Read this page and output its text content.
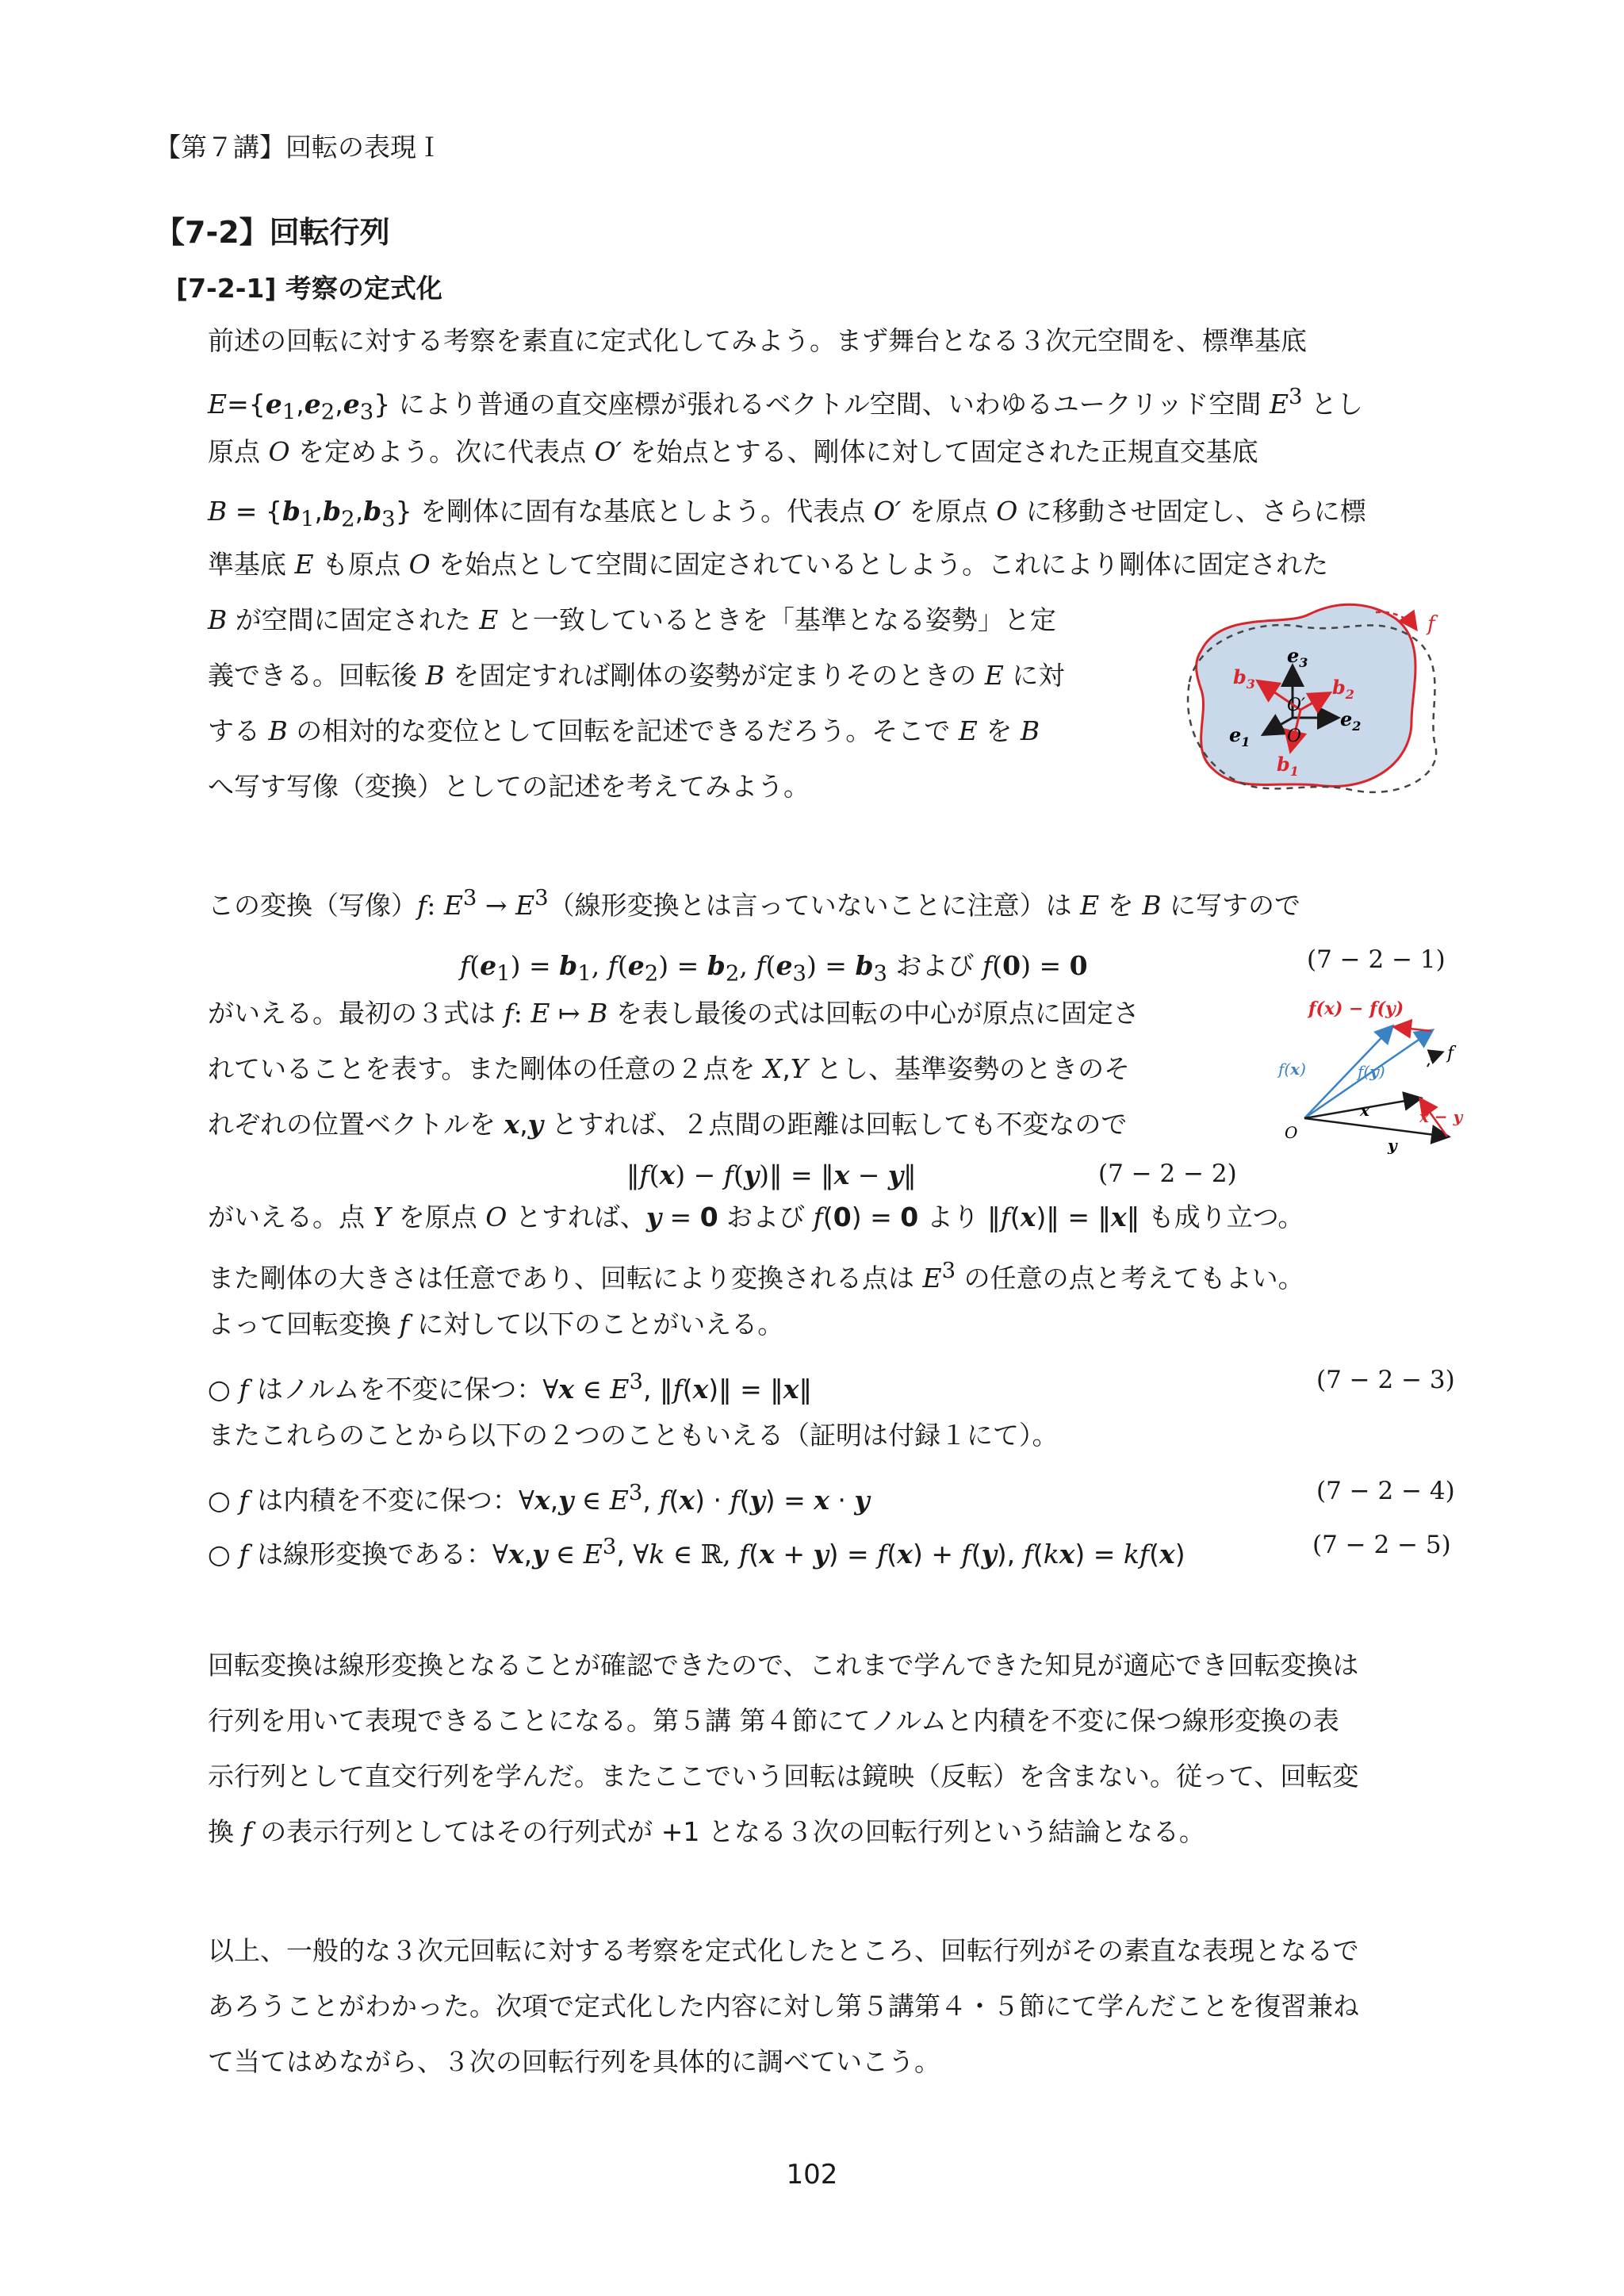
【第７講】回転の表現Ｉ
【7-2】回転行列
[7-2-1] 考察の定式化
前述の回転に対する考察を素直に定式化してみよう。まず舞台となる３次元空間を、標準基底
$E=\{e_1,e_2,e_3\}$ により普通の直交座標が張れるベクトル空間、いわゆるユークリッド空間 $E^3$ とし
原点 O を定めよう。次に代表点 O′ を始点とする、剛体に対して固定された正規直交基底
$B = \{b_1,b_2,b_3\}$ を剛体に固有な基底としよう。代表点 O′ を原点 O に移動させ固定し、さらに標
準基底 E も原点 O を始点として空間に固定されているとしよう。これにより剛体に固定された
B が空間に固定された E と一致しているときを「基準となる姿勢」と定
義できる。回転後 B を固定すれば剛体の姿勢が定まりそのときの E に対
する B の相対的な変位として回転を記述できるだろう。そこで E を B
へ写す写像（変換）としての記述を考えてみよう。
f
$e_3$
$e_2$
$e_1$
$b_2$
$b_3$
$b_1$
O′
O
この変換（写像）f: $E^3 \to E^3$（線形変換とは言っていないことに注意）は E を B に写すので
$f(e_1) = b_1$, $f(e_2) = b_2$, $f(e_3) = b_3$ および f(0) = 0	(7 − 2 − 1)
がいえる。最初の３式は f: E ↦ B を表し最後の式は回転の中心が原点に固定さ
れていることを表す。また剛体の任意の２点を X,Y とし、基準姿勢のときのそ
れぞれの位置ベクトルを x,y とすれば、２点間の距離は回転しても不変なので
f(x) − f(y)
f
f(x)	f(y)
O
x
y
x − y
‖f(x) − f(y)‖ = ‖x − y‖	(7 − 2 − 2)
がいえる。点 Y を原点 O とすれば、y = 0 および f(0) = 0 より ‖f(x)‖ = ‖x‖ も成り立つ。
また剛体の大きさは任意であり、回転により変換される点は $E^3$ の任意の点と考えてもよい。
よって回転変換 f に対して以下のことがいえる。
○ f はノルムを不変に保つ：∀x ∈ $E^3$, ‖f(x)‖ = ‖x‖	(7 − 2 − 3)
またこれらのことから以下の２つのこともいえる（証明は付録１にて）。
○ f は内積を不変に保つ：∀x,y ∈ $E^3$, f(x) · f(y) = x · y	(7 − 2 − 4)
○ f は線形変換である：∀x,y ∈ $E^3$, ∀k ∈ ℝ, f(x + y) = f(x) + f(y), f(kx) = kf(x)	(7 − 2 − 5)
回転変換は線形変換となることが確認できたので、これまで学んできた知見が適応でき回転変換は
行列を用いて表現できることになる。第５講 第４節にてノルムと内積を不変に保つ線形変換の表
示行列として直交行列を学んだ。またここでいう回転は鏡映（反転）を含まない。従って、回転変
換 f の表示行列としてはその行列式が +1 となる３次の回転行列という結論となる。
以上、一般的な３次元回転に対する考察を定式化したところ、回転行列がその素直な表現となるで
あろうことがわかった。次項で定式化した内容に対し第５講第４・５節にて学んだことを復習兼ね
て当てはめながら、３次の回転行列を具体的に調べていこう。
102
